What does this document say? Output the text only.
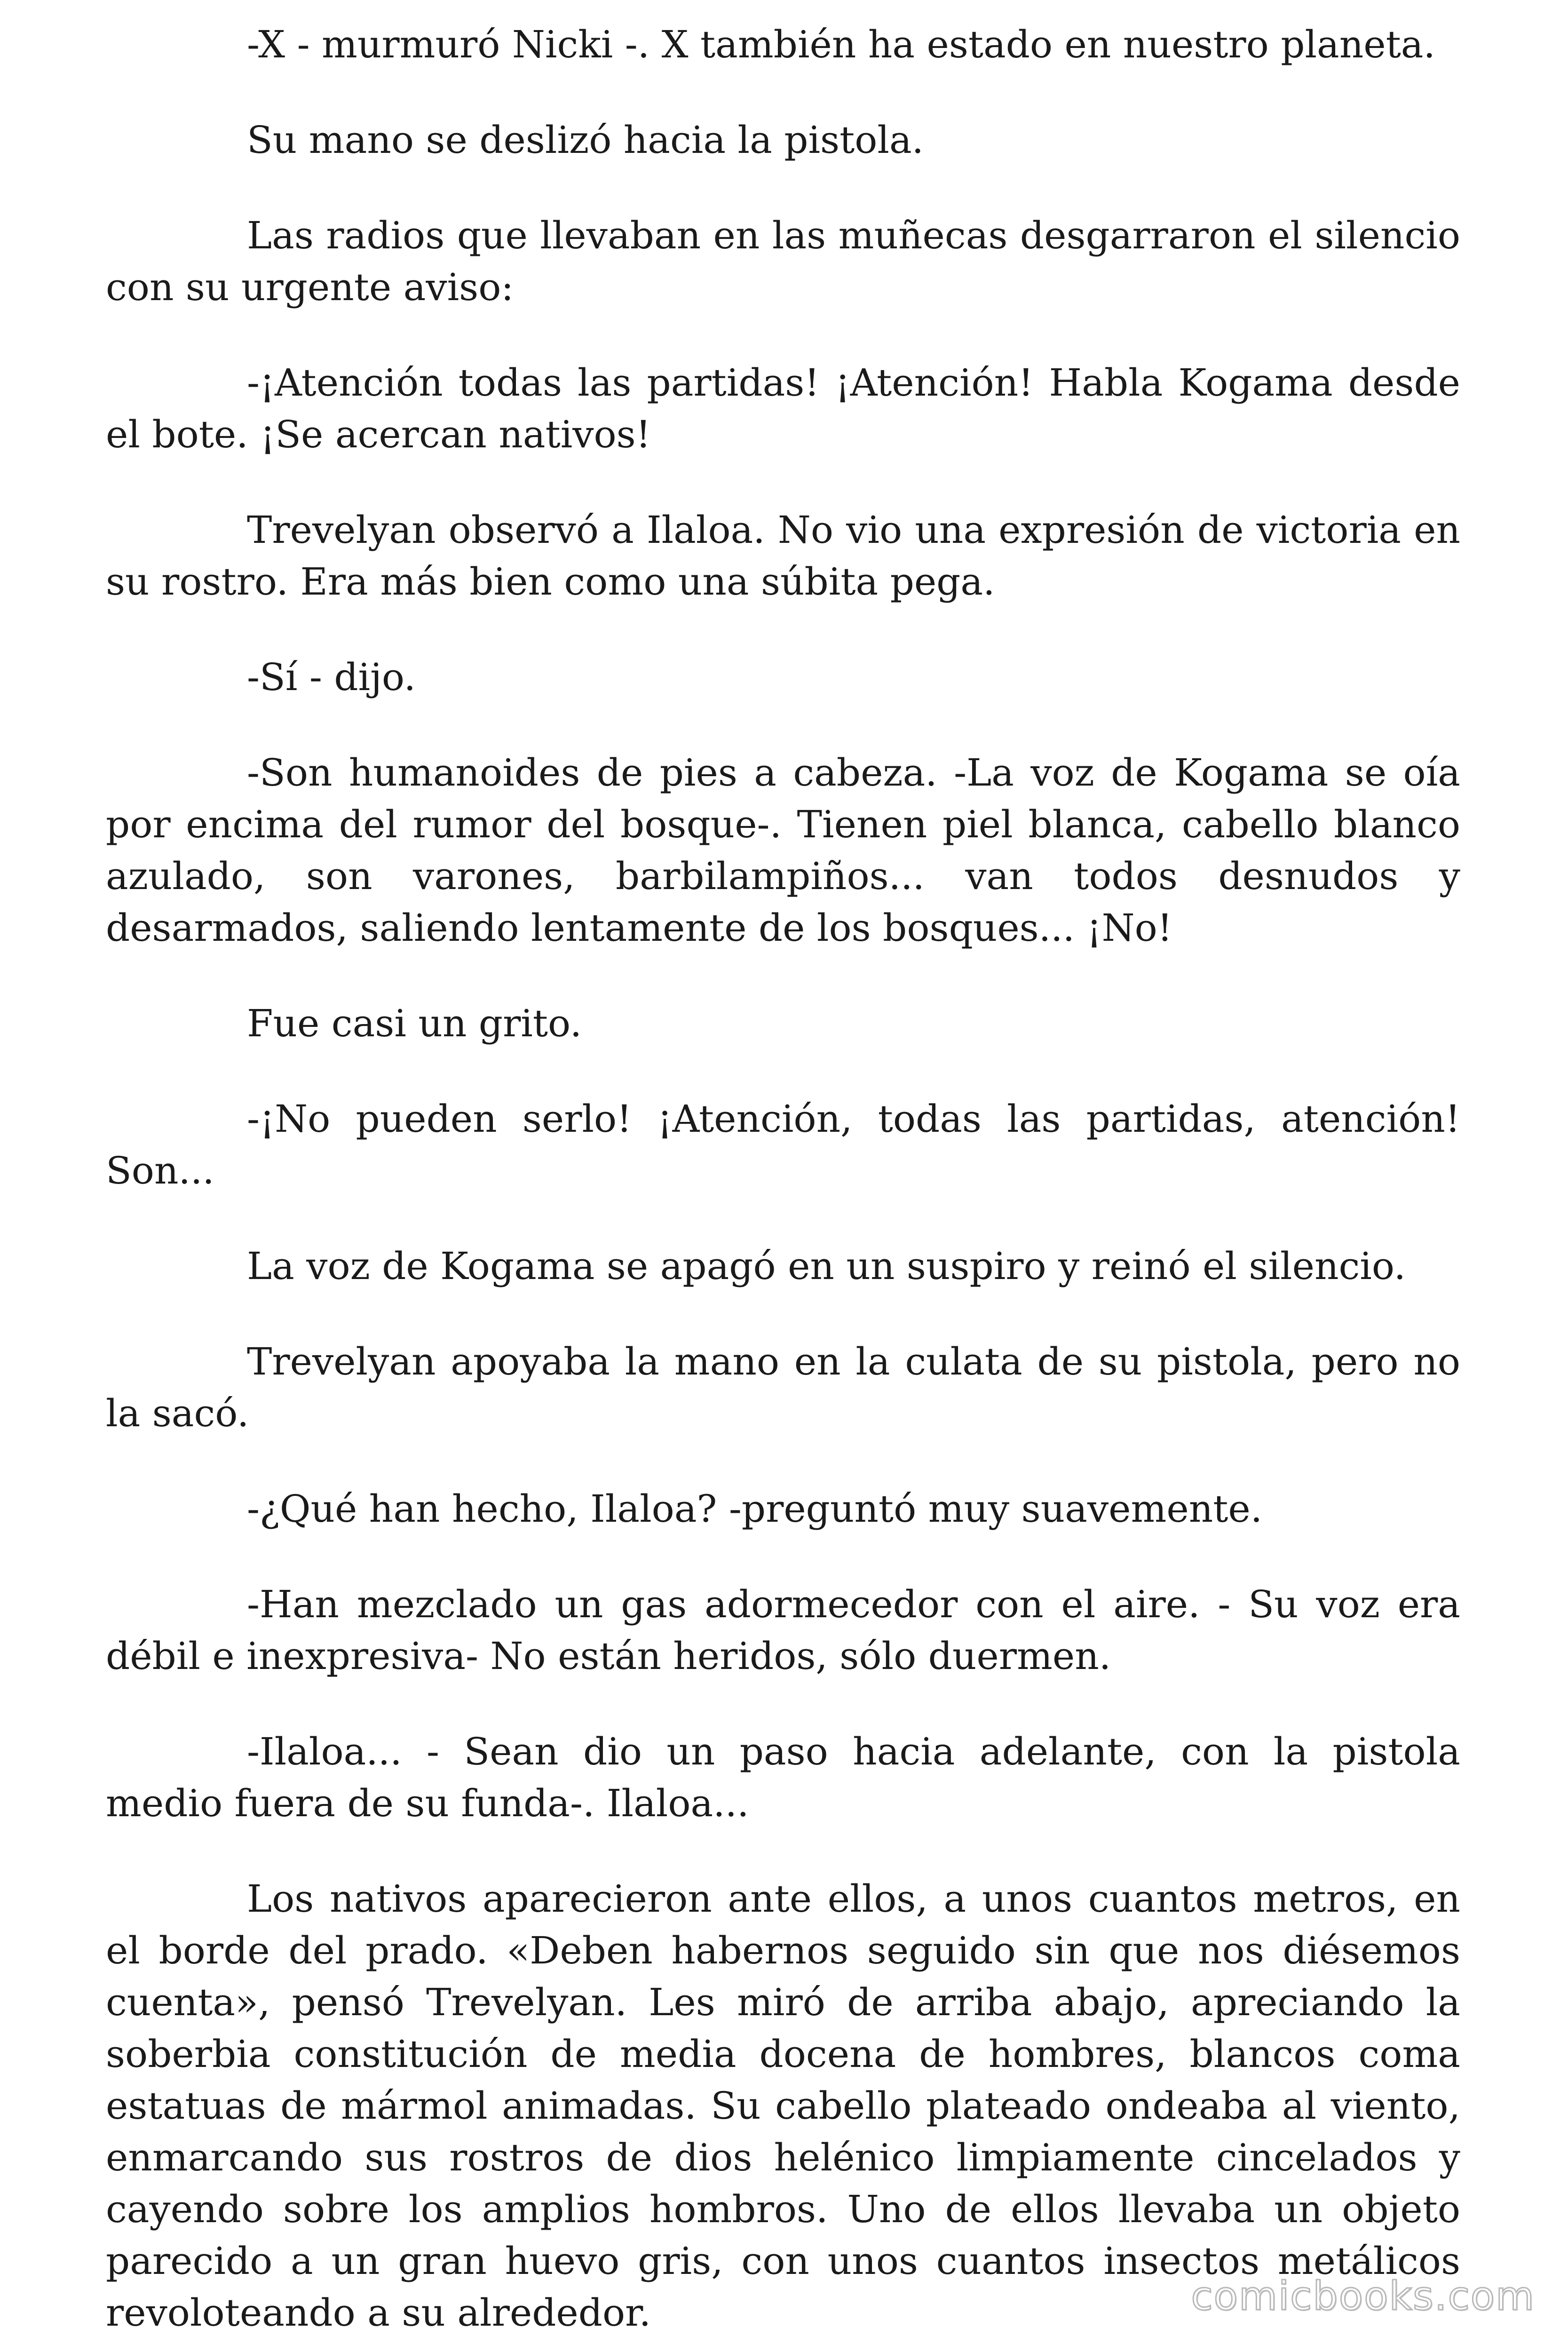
-X - murmuró Nicki -. X también ha estado en nuestro planeta.

Su mano se deslizó hacia la pistola.

Las radios que llevaban en las muñecas desgarraron el silencio con su urgente aviso:

-¡Atención todas las partidas! ¡Atención! Habla Kogama desde el bote. ¡Se acercan nativos!

Trevelyan observó a Ilaloa. No vio una expresión de victoria en su rostro. Era más bien como una súbita pega.

-Sí - dijo.

-Son humanoides de pies a cabeza. -La voz de Kogama se oía por encima del rumor del bosque-. Tienen piel blanca, cabello blanco azulado, son varones, barbilampiños... van todos desnudos y desarmados, saliendo lentamente de los bosques... ¡No!

Fue casi un grito.

-¡No pueden serlo! ¡Atención, todas las partidas, atención! Son...

La voz de Kogama se apagó en un suspiro y reinó el silencio.

Trevelyan apoyaba la mano en la culata de su pistola, pero no la sacó.

-¿Qué han hecho, Ilaloa? -preguntó muy suavemente.

-Han mezclado un gas adormecedor con el aire. - Su voz era débil e inexpresiva- No están heridos, sólo duermen.

-Ilaloa... - Sean dio un paso hacia adelante, con la pistola medio fuera de su funda-. Ilaloa...

Los nativos aparecieron ante ellos, a unos cuantos metros, en el borde del prado. «Deben habernos seguido sin que nos diésemos cuenta», pensó Trevelyan. Les miró de arriba abajo, apreciando la soberbia constitución de media docena de hombres, blancos coma estatuas de mármol animadas. Su cabello plateado ondeaba al viento, enmarcando sus rostros de dios helénico limpiamente cincelados y cayendo sobre los amplios hombros. Uno de ellos llevaba un objeto parecido a un gran huevo gris, con unos cuantos insectos metálicos revoloteando a su alrededor.	comicbooks.com
